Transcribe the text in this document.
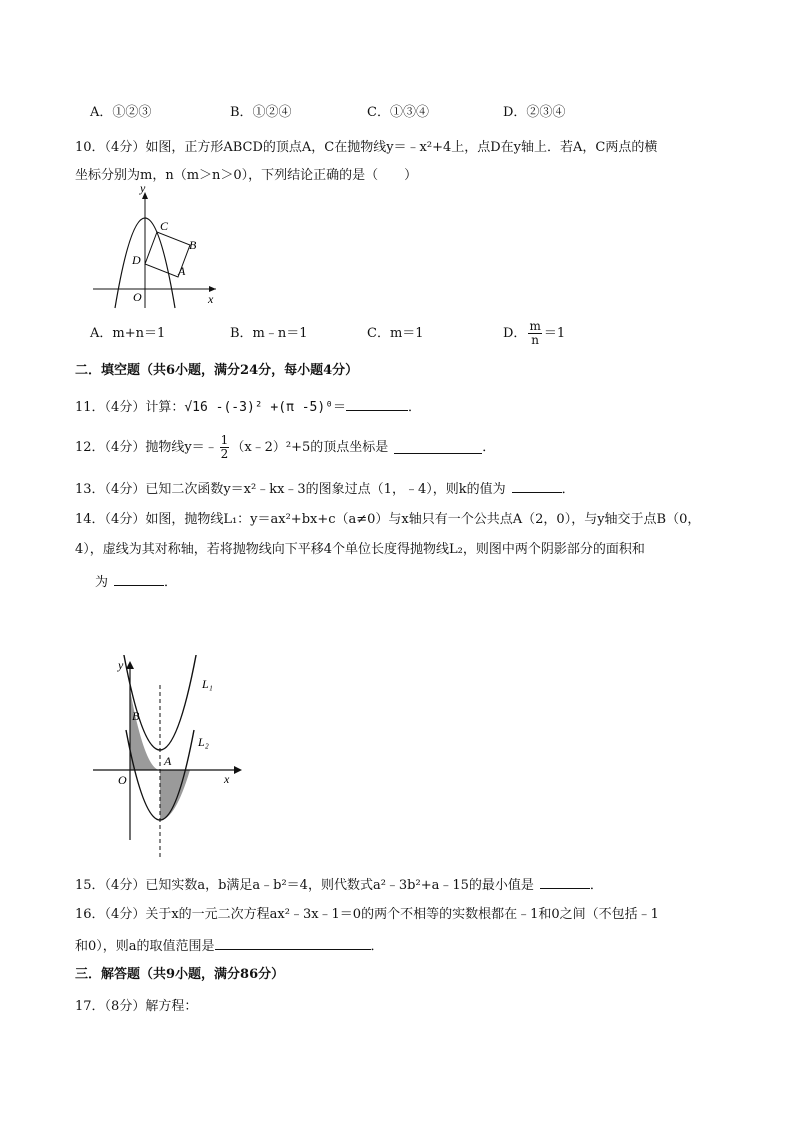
A．①②③	B．①②④	C．①③④	D．②③④
10．（4分）如图，正方形ABCD的顶点A，C在抛物线y＝﹣x²+4上，点D在y轴上．若A，C两点的横
坐标分别为m，n（m＞n＞0），下列结论正确的是（　　）
y
x
O
A
B
C
D
A．m+n＝1	B．m﹣n＝1	C．m＝1	D． $\frac{m}{n} =1$
二．填空题（共6小题，满分24分，每小题4分）
11．（4分）计算：√16 -(-3)² +(π -5)⁰＝	．
12．（4分）抛物线y＝﹣ $\frac{1}{2}$ （x﹣2）²+5的顶点坐标是	．
13．（4分）已知二次函数y＝x²﹣kx﹣3的图象过点（1，﹣4），则k的值为	．
14．（4分）如图，抛物线L₁：y＝ax²+bx+c（a≠0）与x轴只有一个公共点A（2，0），与y轴交于点B（0，
4），虚线为其对称轴，若将抛物线向下平移4个单位长度得抛物线L₂，则图中两个阴影部分的面积和
为	．
y
x
O
A
B
L₁
L₂
15．（4分）已知实数a，b满足a﹣b²＝4，则代数式a²﹣3b²+a﹣15的最小值是	．
16．（4分）关于x的一元二次方程ax²﹣3x﹣1＝0的两个不相等的实数根都在﹣1和0之间（不包括﹣1
和0），则a的取值范围是	．
三．解答题（共9小题，满分86分）
17．（8分）解方程：
